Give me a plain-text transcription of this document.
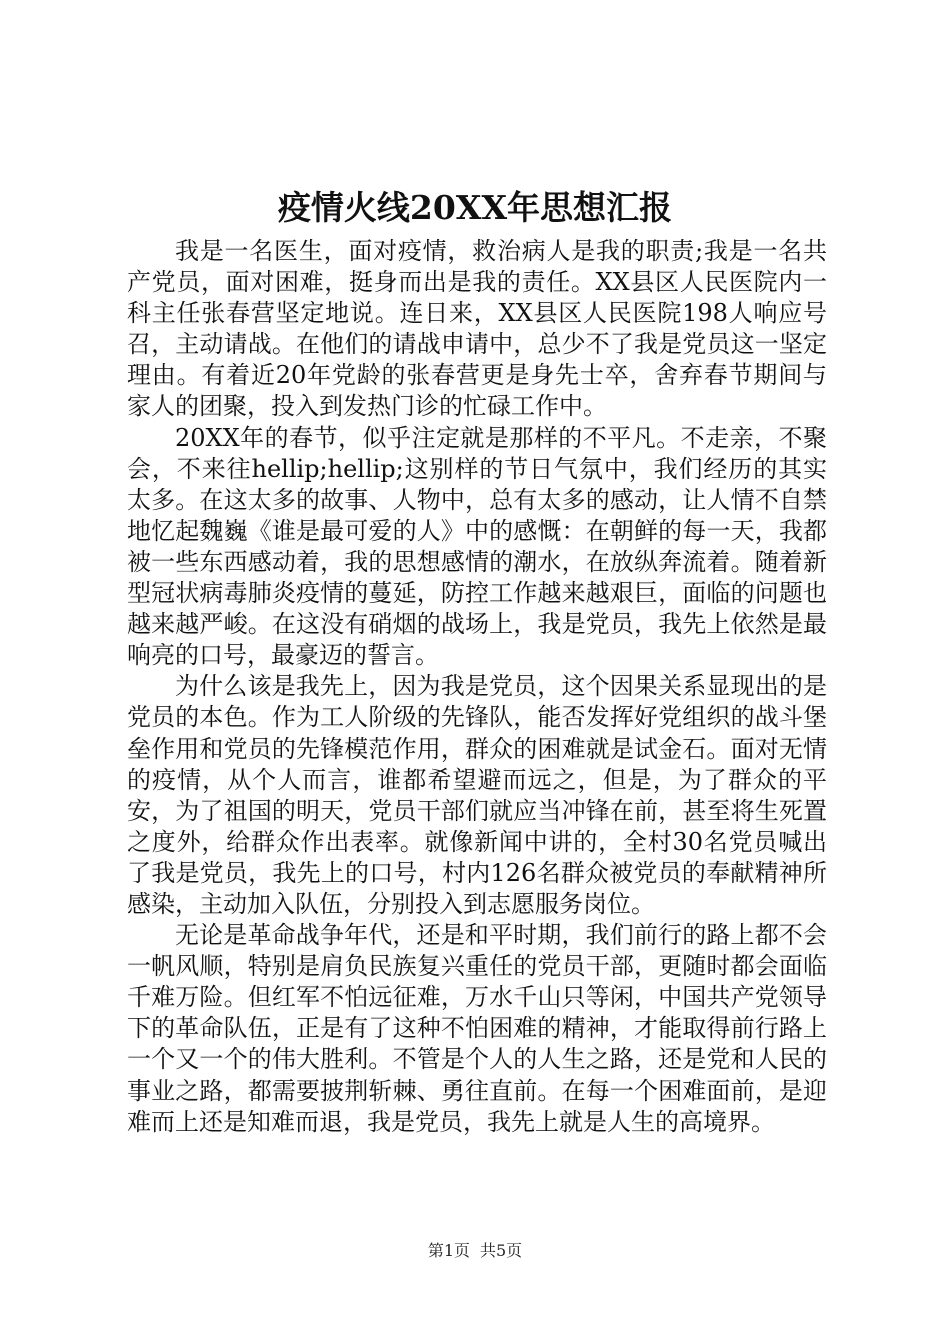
疫情火线20XX年思想汇报

我是一名医生，面对疫情，救治病人是我的职责;我是一名共产党员，面对困难，挺身而出是我的责任。XX县区人民医院内一科主任张春营坚定地说。连日来，XX县区人民医院198人响应号召，主动请战。在他们的请战申请中，总少不了我是党员这一坚定理由。有着近20年党龄的张春营更是身先士卒，舍弃春节期间与家人的团聚，投入到发热门诊的忙碌工作中。

20XX年的春节，似乎注定就是那样的不平凡。不走亲，不聚会，不来往hellip;hellip;这别样的节日气氛中，我们经历的其实太多。在这太多的故事、人物中，总有太多的感动，让人情不自禁地忆起魏巍《谁是最可爱的人》中的感慨：在朝鲜的每一天，我都被一些东西感动着，我的思想感情的潮水，在放纵奔流着。随着新型冠状病毒肺炎疫情的蔓延，防控工作越来越艰巨，面临的问题也越来越严峻。在这没有硝烟的战场上，我是党员，我先上依然是最响亮的口号，最豪迈的誓言。

为什么该是我先上，因为我是党员，这个因果关系显现出的是党员的本色。作为工人阶级的先锋队，能否发挥好党组织的战斗堡垒作用和党员的先锋模范作用，群众的困难就是试金石。面对无情的疫情，从个人而言，谁都希望避而远之，但是，为了群众的平安，为了祖国的明天，党员干部们就应当冲锋在前，甚至将生死置之度外，给群众作出表率。就像新闻中讲的，全村30名党员喊出了我是党员，我先上的口号，村内126名群众被党员的奉献精神所感染，主动加入队伍，分别投入到志愿服务岗位。

无论是革命战争年代，还是和平时期，我们前行的路上都不会一帆风顺，特别是肩负民族复兴重任的党员干部，更随时都会面临千难万险。但红军不怕远征难，万水千山只等闲，中国共产党领导下的革命队伍，正是有了这种不怕困难的精神，才能取得前行路上一个又一个的伟大胜利。不管是个人的人生之路，还是党和人民的事业之路，都需要披荆斩棘、勇往直前。在每一个困难面前，是迎难而上还是知难而退，我是党员，我先上就是人生的高境界。

第1页 共5页
